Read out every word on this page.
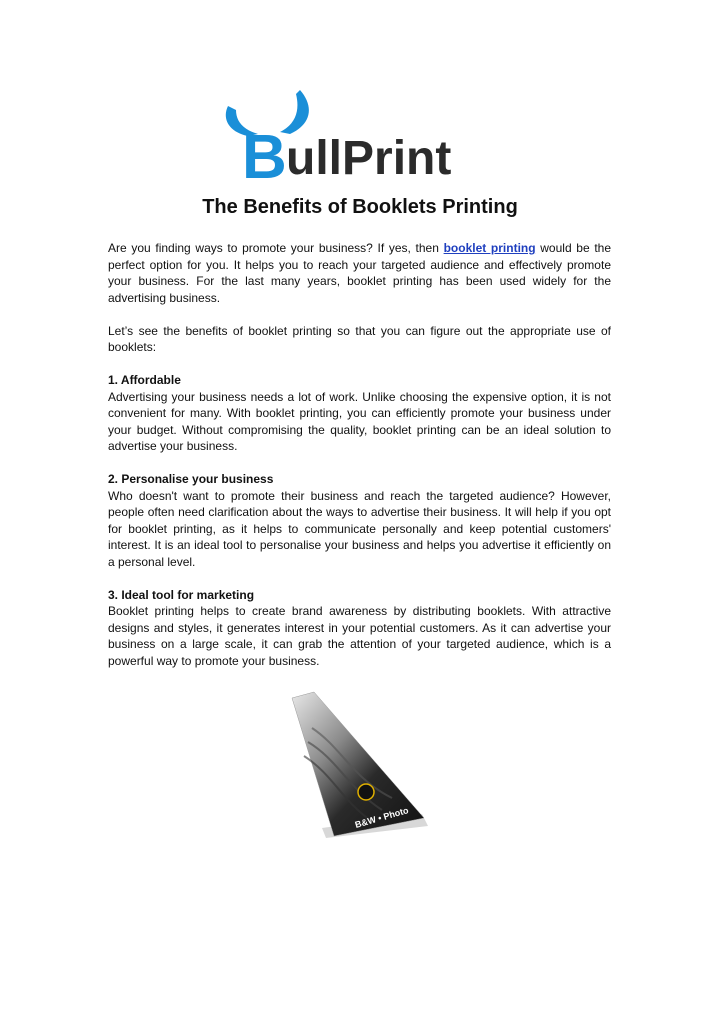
B ullPrint
The Benefits of Booklets Printing

Are you finding ways to promote your business? If yes, then booklet printing would be the perfect option for you. It helps you to reach your targeted audience and effectively promote your business. For the last many years, booklet printing has been used widely for the advertising business.

Let’s see the benefits of booklet printing so that you can figure out the appropriate use of booklets:

1. Affordable
Advertising your business needs a lot of work. Unlike choosing the expensive option, it is not convenient for many. With booklet printing, you can efficiently promote your business under your budget. Without compromising the quality, booklet printing can be an ideal solution to advertise your business.

2. Personalise your business
Who doesn't want to promote their business and reach the targeted audience? However, people often need clarification about the ways to advertise their business. It will help if you opt for booklet printing, as it helps to communicate personally and keep potential customers' interest. It is an ideal tool to personalise your business and helps you advertise it efficiently on a personal level.

3. Ideal tool for marketing
Booklet printing helps to create brand awareness by distributing booklets. With attractive designs and styles, it generates interest in your potential customers. As it can advertise your business on a large scale, it can grab the attention of your targeted audience, which is a powerful way to promote your business.

B&W • Photo
